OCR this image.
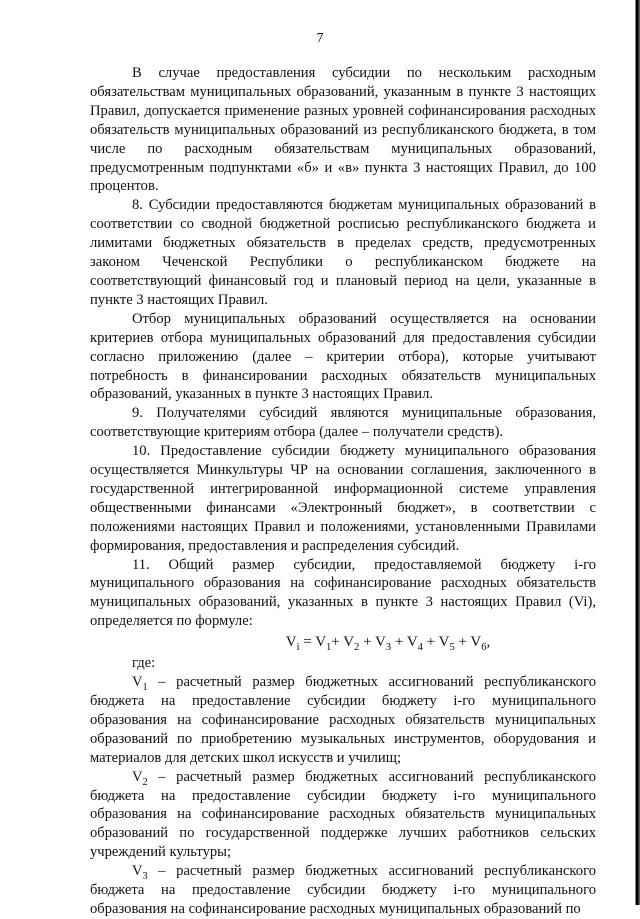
7

В случае предоставления субсидии по нескольким расходным обязательствам муниципальных образований, указанным в пункте 3 настоящих Правил, допускается применение разных уровней софинансирования расходных обязательств муниципальных образований из республиканского бюджета, в том числе по расходным обязательствам муниципальных образований, предусмотренным подпунктами «б» и «в» пункта 3 настоящих Правил, до 100 процентов.

8. Субсидии предоставляются бюджетам муниципальных образований в соответствии со сводной бюджетной росписью республиканского бюджета и лимитами бюджетных обязательств в пределах средств, предусмотренных законом Чеченской Республики о республиканском бюджете на соответствующий финансовый год и плановый период на цели, указанные в пункте 3 настоящих Правил.

Отбор муниципальных образований осуществляется на основании критериев отбора муниципальных образований для предоставления субсидии согласно приложению (далее – критерии отбора), которые учитывают потребность в финансировании расходных обязательств муниципальных образований, указанных в пункте 3 настоящих Правил.

9. Получателями субсидий являются муниципальные образования, соответствующие критериям отбора (далее – получатели средств).

10. Предоставление субсидии бюджету муниципального образования осуществляется Минкультуры ЧР на основании соглашения, заключенного в государственной интегрированной информационной системе управления общественными финансами «Электронный бюджет», в соответствии с положениями настоящих Правил и положениями, установленными Правилами формирования, предоставления и распределения субсидий.

11. Общий размер субсидии, предоставляемой бюджету i-го муниципального образования на софинансирование расходных обязательств муниципальных образований, указанных в пункте 3 настоящих Правил (Vi), определяется по формуле:

$V_i = V_1+ V_2 + V_3 + V_4 + V_5 + V_6$,

где:

$V_1$ – расчетный размер бюджетных ассигнований республиканского бюджета на предоставление субсидии бюджету i-го муниципального образования на софинансирование расходных обязательств муниципальных образований по приобретению музыкальных инструментов, оборудования и материалов для детских школ искусств и училищ;

$V_2$ – расчетный размер бюджетных ассигнований республиканского бюджета на предоставление субсидии бюджету i-го муниципального образования на софинансирование расходных обязательств муниципальных образований по государственной поддержке лучших работников сельских учреждений культуры;

$V_3$ – расчетный размер бюджетных ассигнований республиканского бюджета на предоставление субсидии бюджету i-го муниципального образования на софинансирование расходных муниципальных образований по
